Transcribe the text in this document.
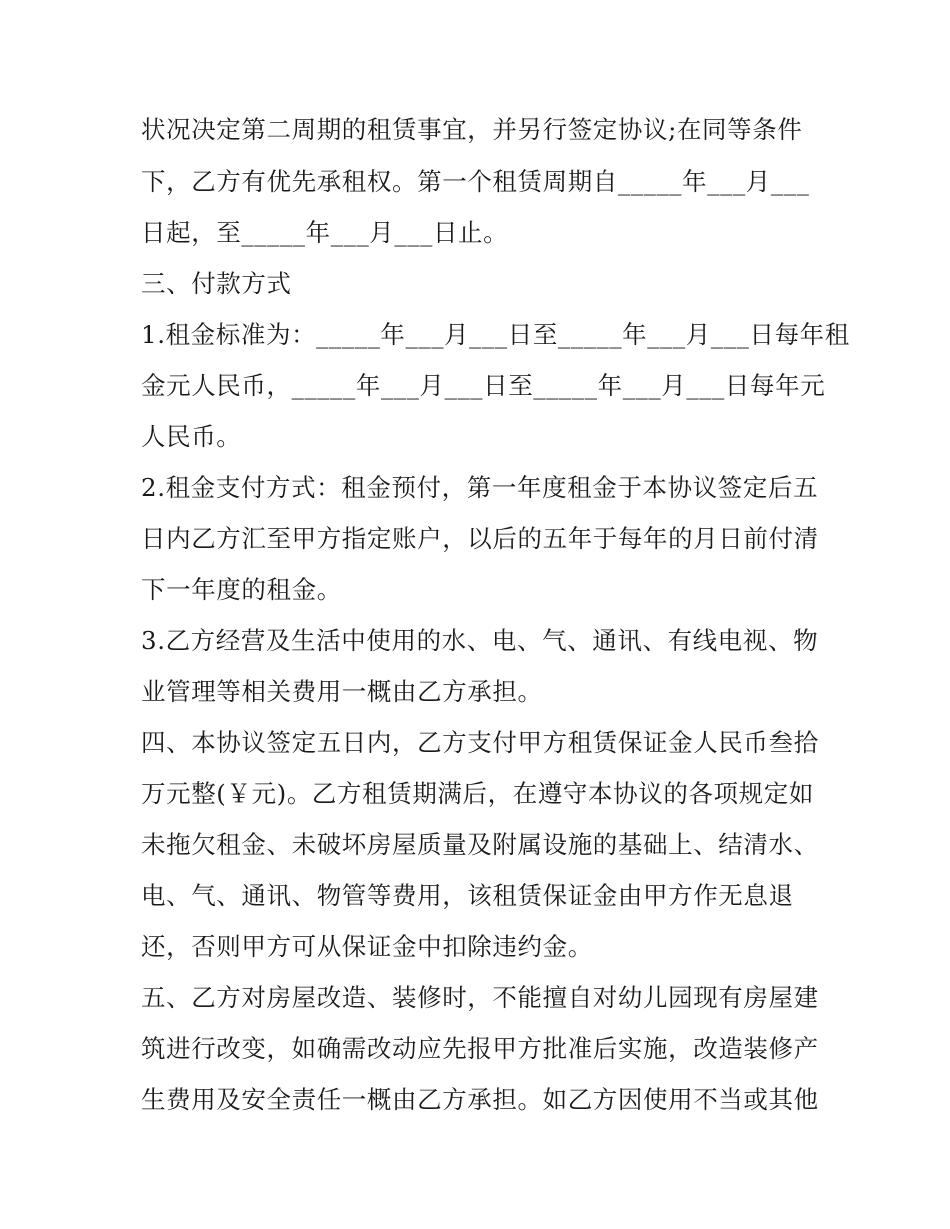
状况决定第二周期的租赁事宜，并另行签定协议;在同等条件
下，乙方有优先承租权。第一个租赁周期自_____年___月___
日起，至_____年___月___日止。
三、付款方式
1.租金标准为：_____年___月___日至_____年___月___日每年租
金元人民币，_____年___月___日至_____年___月___日每年元
人民币。
2.租金支付方式：租金预付，第一年度租金于本协议签定后五
日内乙方汇至甲方指定账户，以后的五年于每年的月日前付清
下一年度的租金。
3.乙方经营及生活中使用的水、电、气、通讯、有线电视、物
业管理等相关费用一概由乙方承担。
四、本协议签定五日内，乙方支付甲方租赁保证金人民币叁拾
万元整(￥元)。乙方租赁期满后，在遵守本协议的各项规定如
未拖欠租金、未破坏房屋质量及附属设施的基础上、结清水、
电、气、通讯、物管等费用，该租赁保证金由甲方作无息退
还，否则甲方可从保证金中扣除违约金。
五、乙方对房屋改造、装修时，不能擅自对幼儿园现有房屋建
筑进行改变，如确需改动应先报甲方批准后实施，改造装修产
生费用及安全责任一概由乙方承担。如乙方因使用不当或其他
